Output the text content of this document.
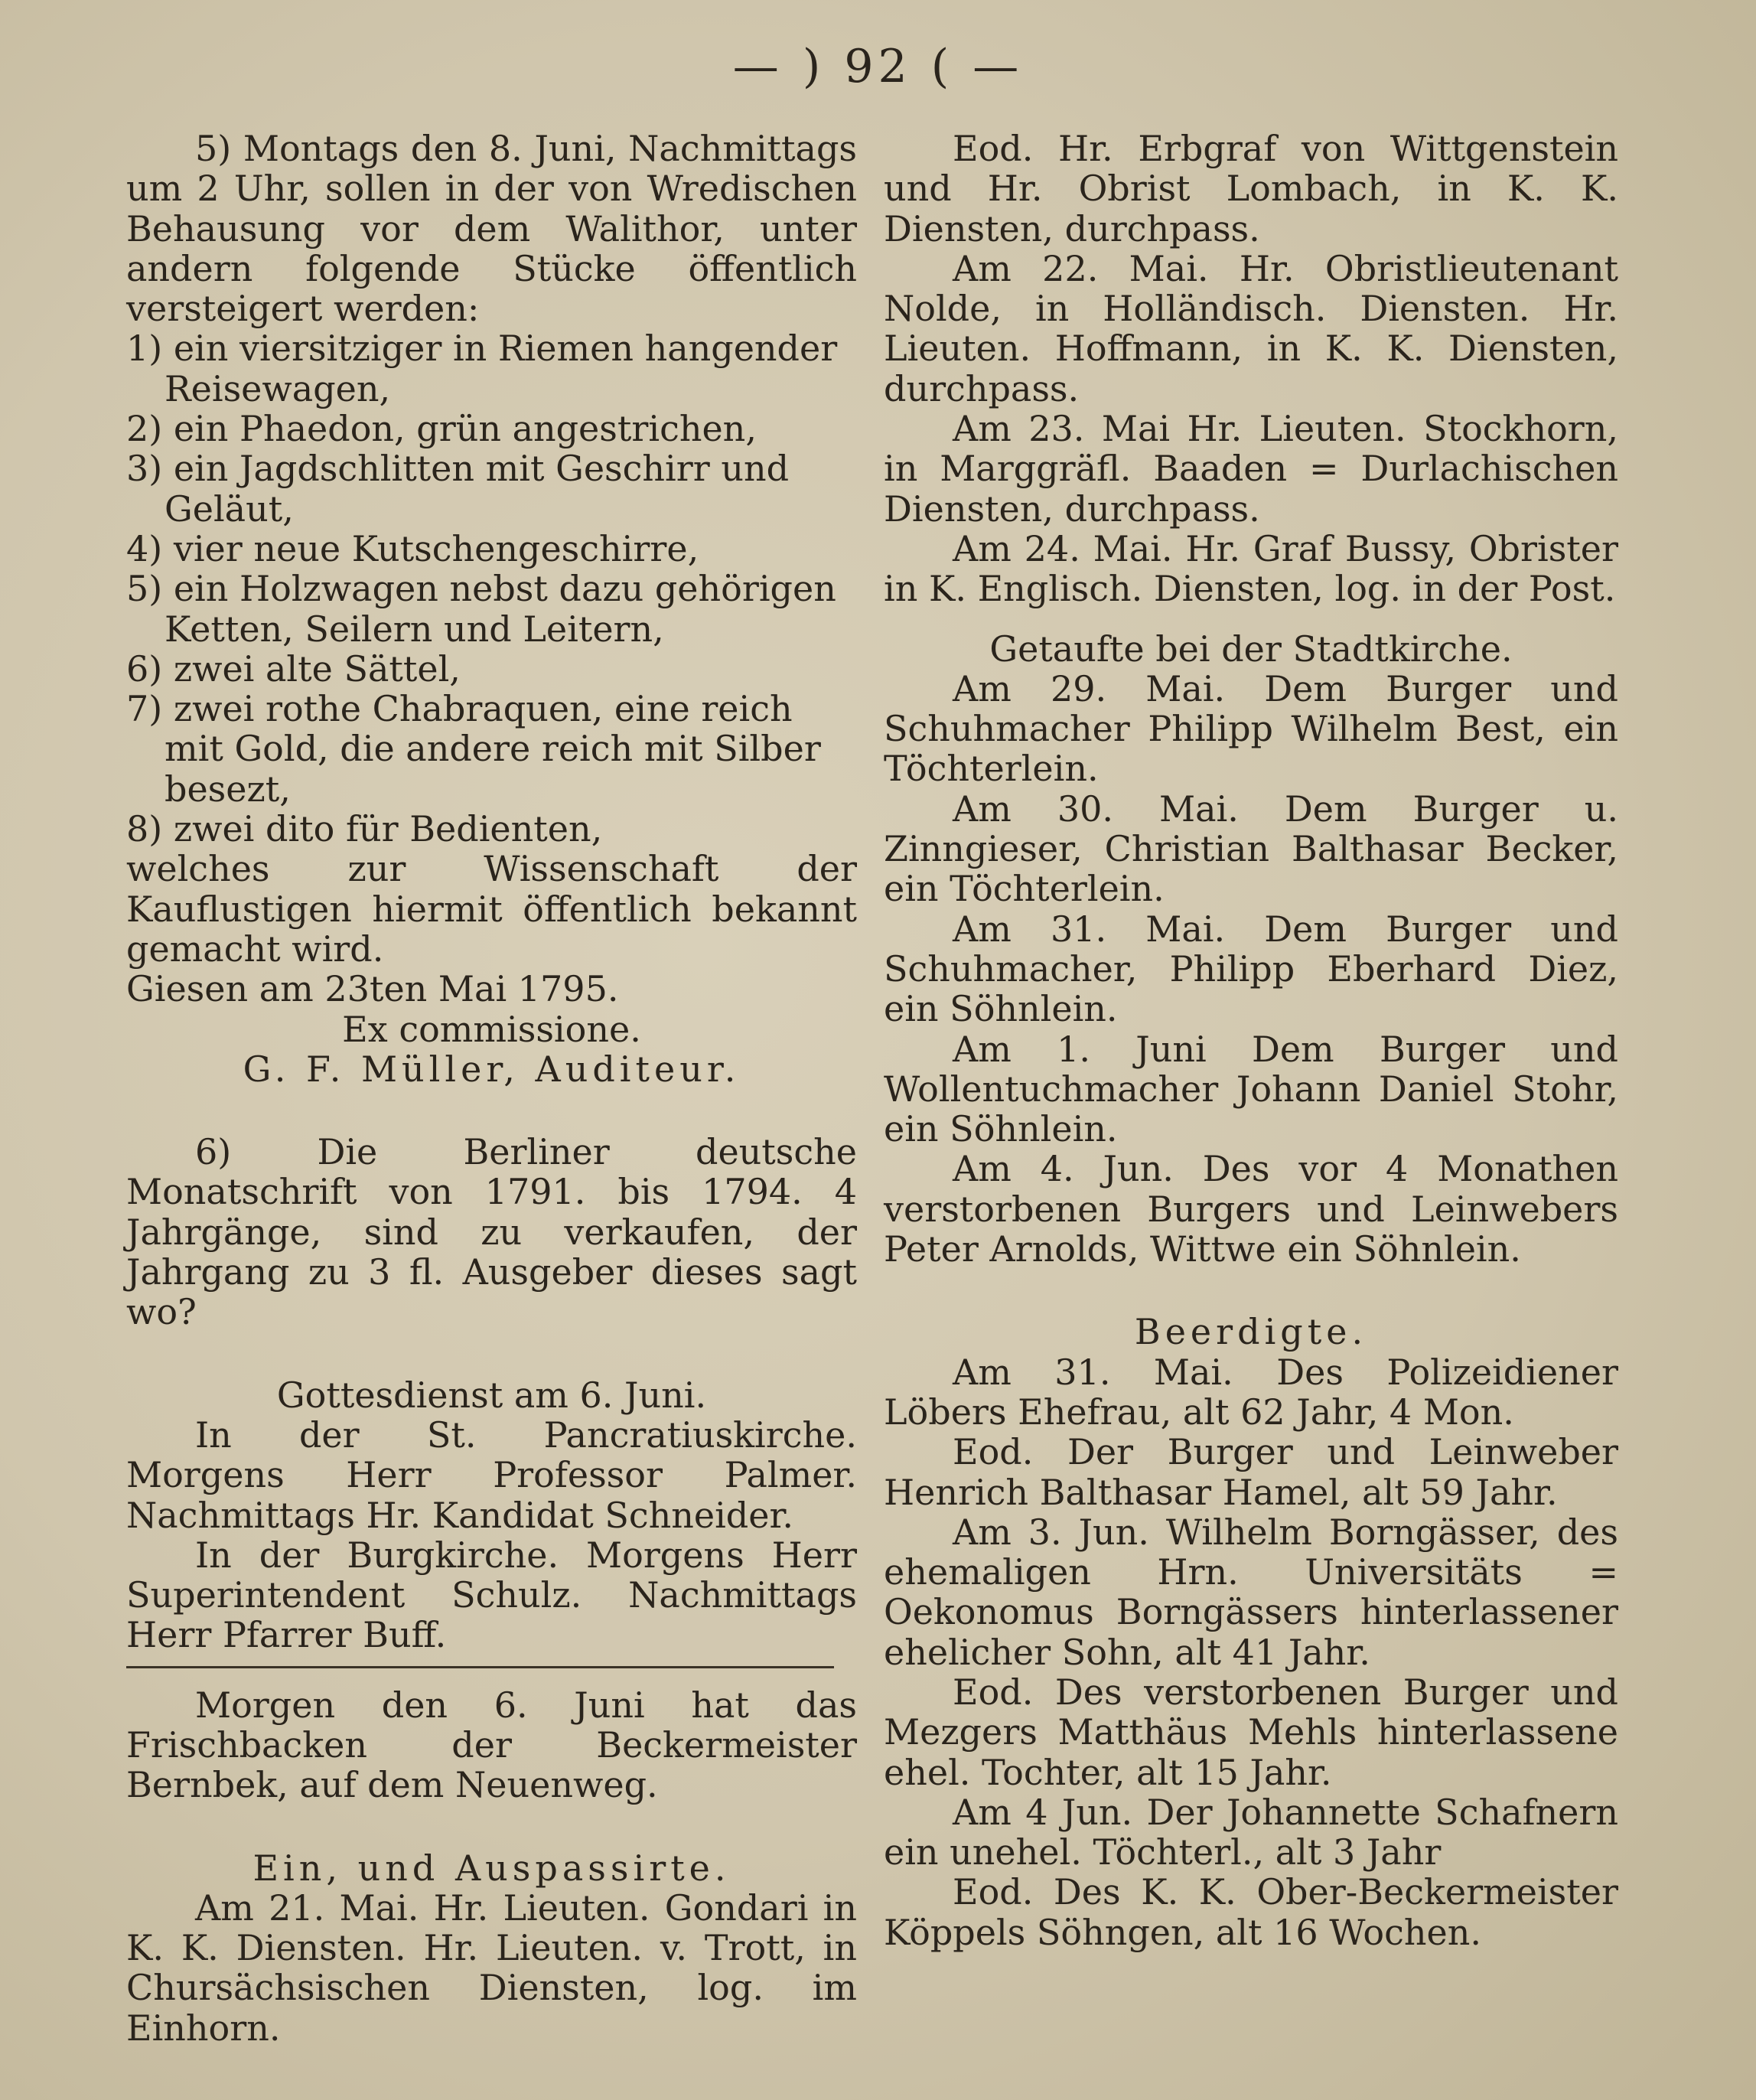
— ) 92 ( —

5) Montags den 8. Juni, Nachmittags um 2 Uhr, sollen in der von Wredischen Behausung vor dem Walithor, unter andern folgende Stücke öffentlich versteigert werden:

1) ein viersitziger in Riemen hangender Reisewagen,

2) ein Phaedon, grün angestrichen,

3) ein Jagdschlitten mit Geschirr und Geläut,

4) vier neue Kutschengeschirre,

5) ein Holzwagen nebst dazu gehörigen Ketten, Seilern und Leitern,

6) zwei alte Sättel,

7) zwei rothe Chabraquen, eine reich mit Gold, die andere reich mit Silber besezt,

8) zwei dito für Bedienten,

welches zur Wissenschaft der Kauflustigen hiermit öffentlich bekannt gemacht wird.

Giesen am 23ten Mai 1795.

Ex commissione.

G. F. Müller, Auditeur.

6) Die Berliner deutsche Monatschrift von 1791. bis 1794. 4 Jahrgänge, sind zu verkaufen, der Jahrgang zu 3 fl. Ausgeber dieses sagt wo?

Gottesdienst am 6. Juni.

In der St. Pancratiuskirche. Morgens Herr Professor Palmer. Nachmittags Hr. Kandidat Schneider.

In der Burgkirche. Morgens Herr Superintendent Schulz. Nachmittags Herr Pfarrer Buff.

Morgen den 6. Juni hat das Frischbacken der Beckermeister Bernbek, auf dem Neuenweg.

Ein, und Auspassirte.

Am 21. Mai. Hr. Lieuten. Gondari in K. K. Diensten. Hr. Lieuten. v. Trott, in Chursächsischen Diensten, log. im Einhorn.

Eod. Hr. Erbgraf von Wittgenstein und Hr. Obrist Lombach, in K. K. Diensten, durchpass.

Am 22. Mai. Hr. Obristlieutenant Nolde, in Holländisch. Diensten. Hr. Lieuten. Hoffmann, in K. K. Diensten, durchpass.

Am 23. Mai Hr. Lieuten. Stockhorn, in Marggräfl. Baaden = Durlachischen Diensten, durchpass.

Am 24. Mai. Hr. Graf Bussy, Obrister in K. Englisch. Diensten, log. in der Post.

Getaufte bei der Stadtkirche.

Am 29. Mai. Dem Burger und Schuhmacher Philipp Wilhelm Best, ein Töchterlein.

Am 30. Mai. Dem Burger u. Zinngieser, Christian Balthasar Becker, ein Töchterlein.

Am 31. Mai. Dem Burger und Schuhmacher, Philipp Eberhard Diez, ein Söhnlein.

Am 1. Juni Dem Burger und Wollentuchmacher Johann Daniel Stohr, ein Söhnlein.

Am 4. Jun. Des vor 4 Monathen verstorbenen Burgers und Leinwebers Peter Arnolds, Wittwe ein Söhnlein.

Beerdigte.

Am 31. Mai. Des Polizeidiener Löbers Ehefrau, alt 62 Jahr, 4 Mon.

Eod. Der Burger und Leinweber Henrich Balthasar Hamel, alt 59 Jahr.

Am 3. Jun. Wilhelm Borngässer, des ehemaligen Hrn. Universitäts = Oekonomus Borngässers hinterlassener ehelicher Sohn, alt 41 Jahr.

Eod. Des verstorbenen Burger und Mezgers Matthäus Mehls hinterlassene ehel. Tochter, alt 15 Jahr.

Am 4 Jun. Der Johannette Schafnern ein unehel. Töchterl., alt 3 Jahr

Eod. Des K. K. Ober-Beckermeister Köppels Söhngen, alt 16 Wochen.
